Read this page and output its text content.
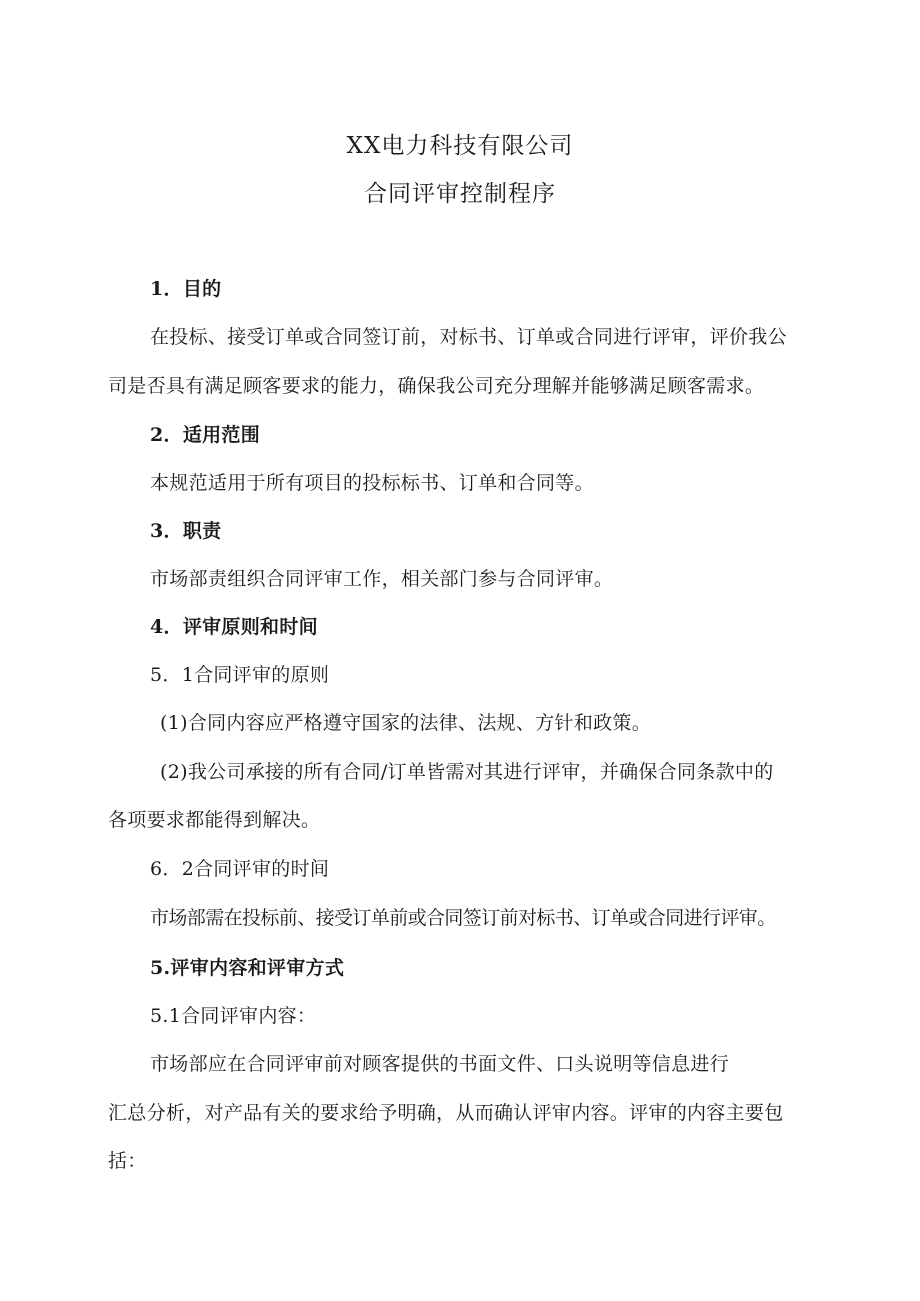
XX电力科技有限公司
合同评审控制程序
1．目的
在投标、接受订单或合同签订前，对标书、订单或合同进行评审，评价我公
司是否具有满足顾客要求的能力，确保我公司充分理解并能够满足顾客需求。
2．适用范围
本规范适用于所有项目的投标标书、订单和合同等。
3．职责
市场部责组织合同评审工作，相关部门参与合同评审。
4．评审原则和时间
5．1合同评审的原则
(1)合同内容应严格遵守国家的法律、法规、方针和政策。
(2)我公司承接的所有合同/订单皆需对其进行评审，并确保合同条款中的
各项要求都能得到解决。
6．2合同评审的时间
市场部需在投标前、接受订单前或合同签订前对标书、订单或合同进行评审。
5.评审内容和评审方式
5.1合同评审内容：
市场部应在合同评审前对顾客提供的书面文件、口头说明等信息进行
汇总分析，对产品有关的要求给予明确，从而确认评审内容。评审的内容主要包
括：
